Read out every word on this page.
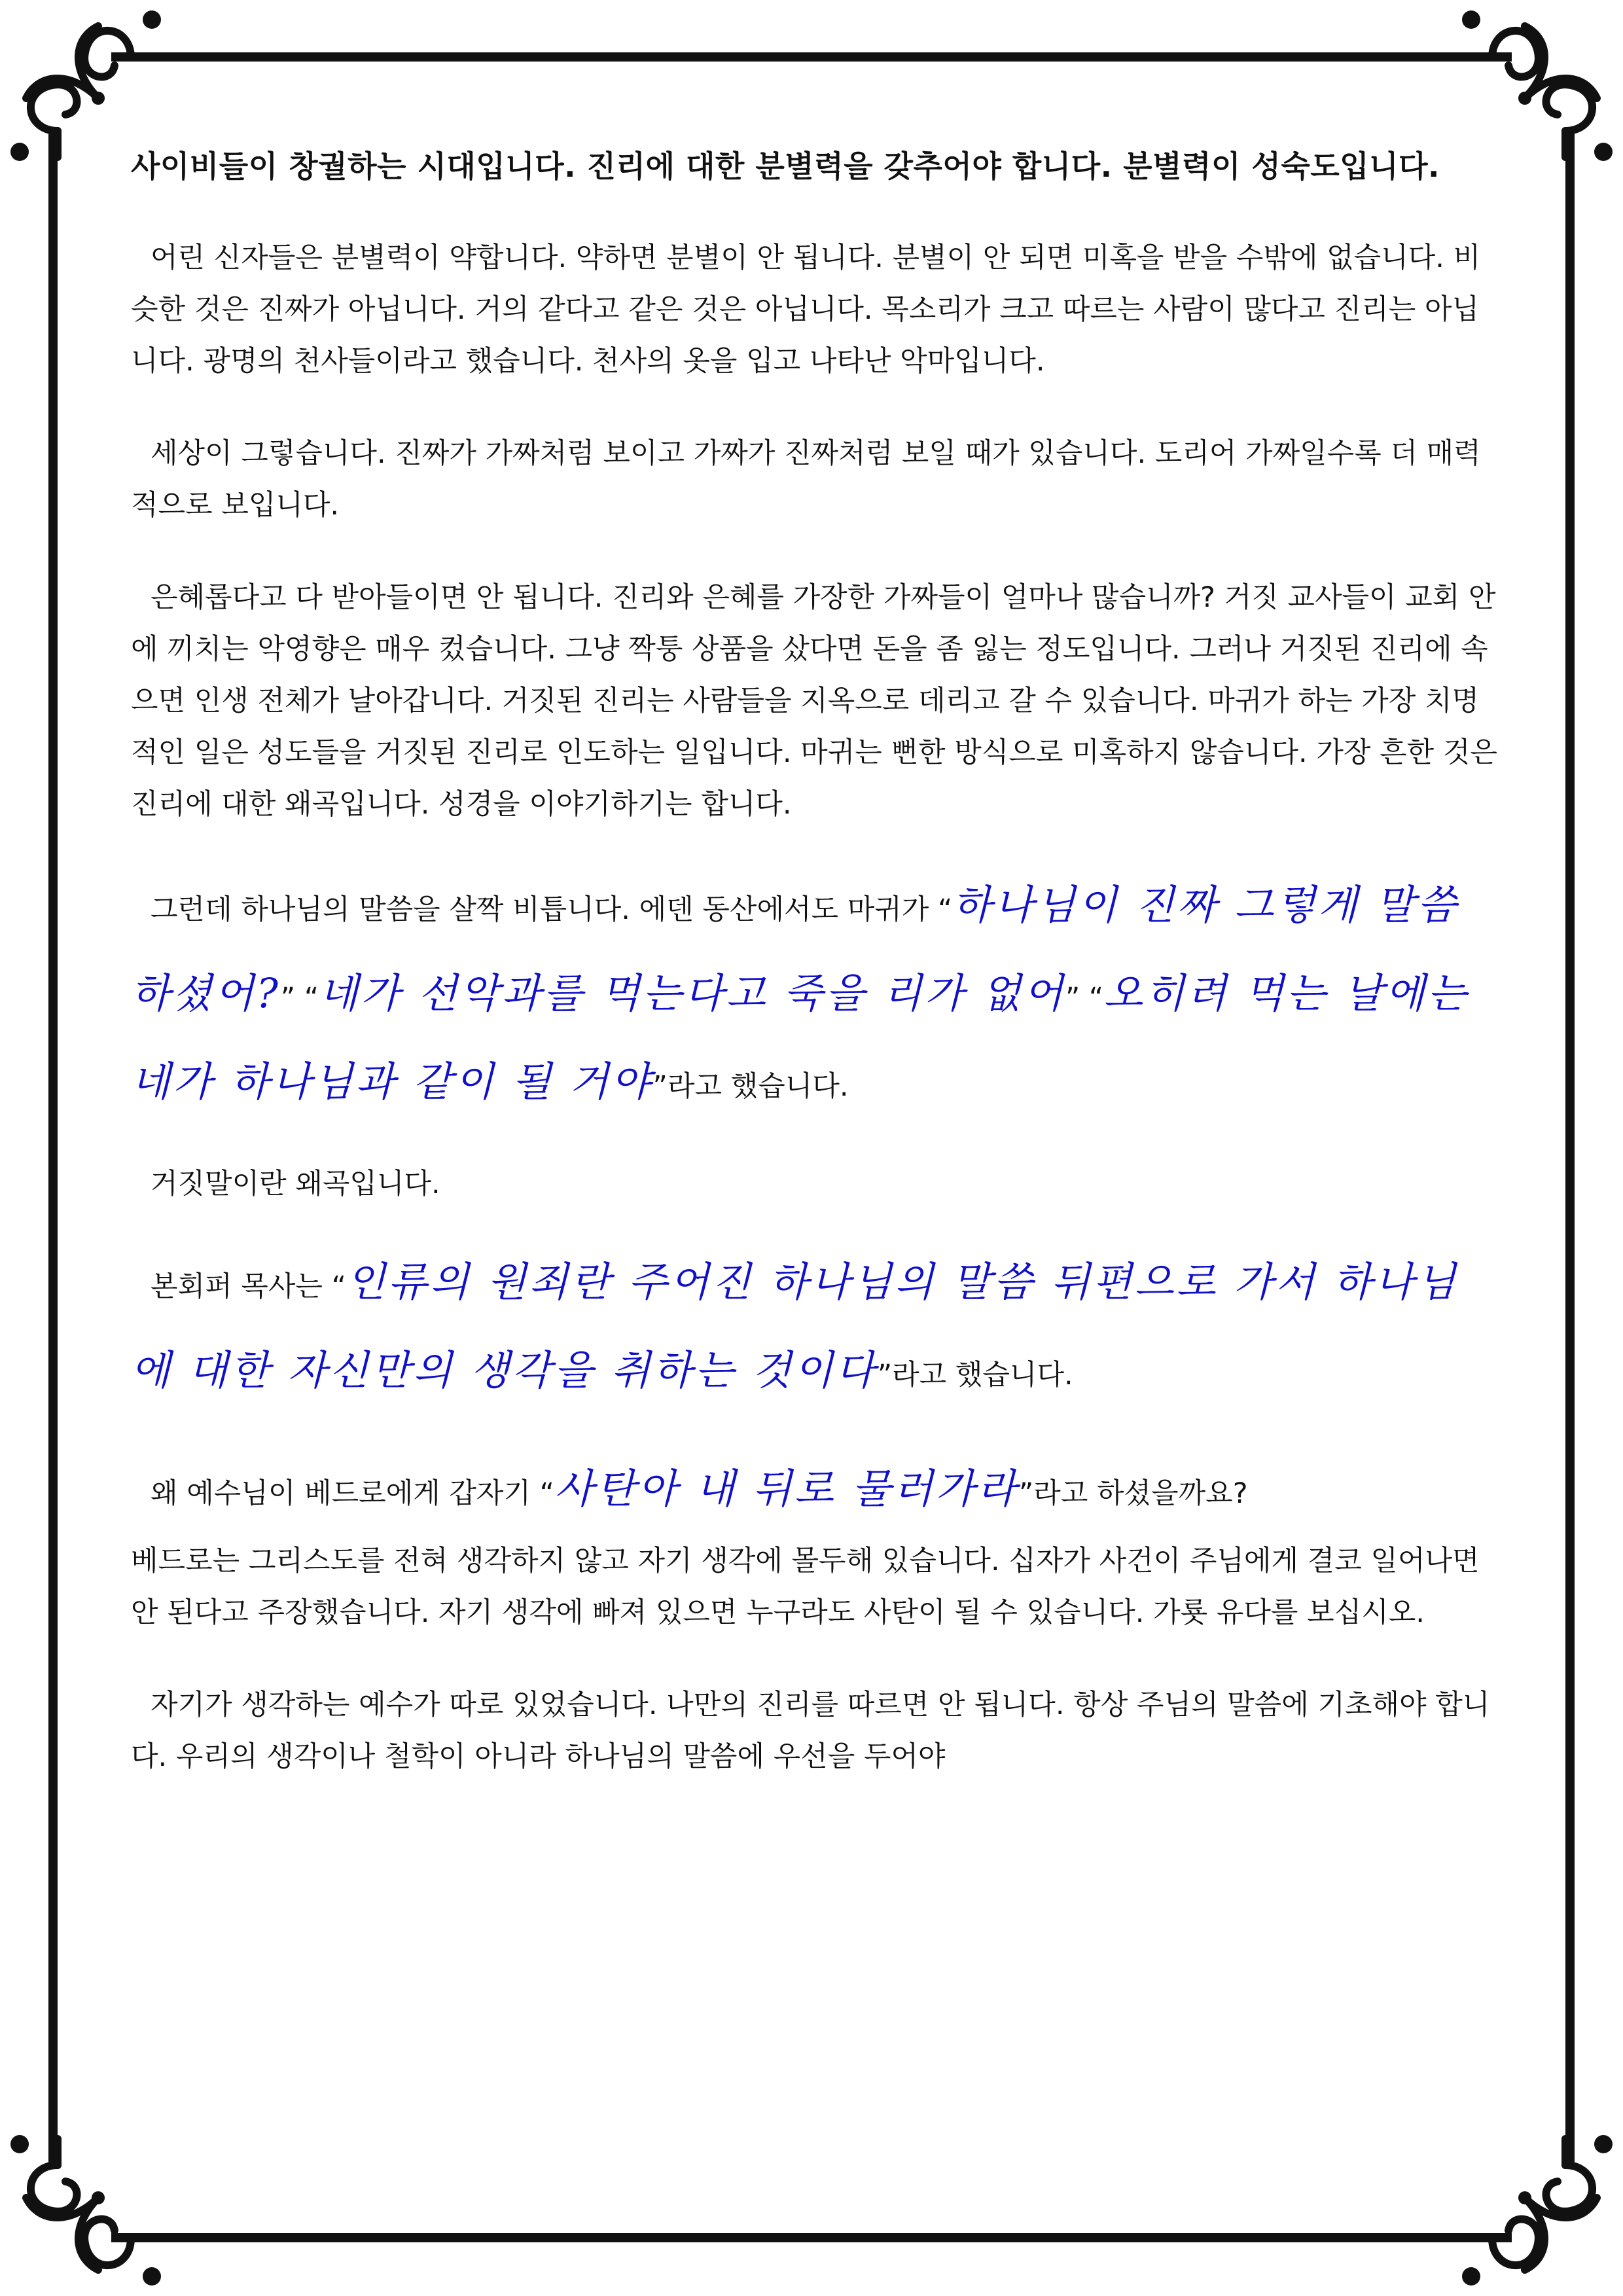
사이비들이 창궐하는 시대입니다. 진리에 대한 분별력을 갖추어야 합니다. 분별력이 성숙도입니다.

어린 신자들은 분별력이 약합니다. 약하면 분별이 안 됩니다. 분별이 안 되면 미혹을 받을 수밖에 없습니다. 비슷한 것은 진짜가 아닙니다. 거의 같다고 같은 것은 아닙니다. 목소리가 크고 따르는 사람이 많다고 진리는 아닙니다. 광명의 천사들이라고 했습니다. 천사의 옷을 입고 나타난 악마입니다.

세상이 그렇습니다. 진짜가 가짜처럼 보이고 가짜가 진짜처럼 보일 때가 있습니다. 도리어 가짜일수록 더 매력적으로 보입니다.

은혜롭다고 다 받아들이면 안 됩니다. 진리와 은혜를 가장한 가짜들이 얼마나 많습니까? 거짓 교사들이 교회 안에 끼치는 악영향은 매우 컸습니다. 그냥 짝퉁 상품을 샀다면 돈을 좀 잃는 정도입니다. 그러나 거짓된 진리에 속으면 인생 전체가 날아갑니다. 거짓된 진리는 사람들을 지옥으로 데리고 갈 수 있습니다. 마귀가 하는 가장 치명적인 일은 성도들을 거짓된 진리로 인도하는 일입니다. 마귀는 뻔한 방식으로 미혹하지 않습니다. 가장 흔한 것은 진리에 대한 왜곡입니다. 성경을 이야기하기는 합니다.

그런데 하나님의 말씀을 살짝 비틉니다. 에덴 동산에서도 마귀가 “하나님이 진짜 그렇게 말씀하셨어?” “네가 선악과를 먹는다고 죽을 리가 없어” “오히려 먹는 날에는 네가 하나님과 같이 될 거야”라고 했습니다.

거짓말이란 왜곡입니다.

본회퍼 목사는 “인류의 원죄란 주어진 하나님의 말씀 뒤편으로 가서 하나님에 대한 자신만의 생각을 취하는 것이다”라고 했습니다.

왜 예수님이 베드로에게 갑자기 “사탄아 내 뒤로 물러가라”라고 하셨을까요?

베드로는 그리스도를 전혀 생각하지 않고 자기 생각에 몰두해 있습니다. 십자가 사건이 주님에게 결코 일어나면 안 된다고 주장했습니다. 자기 생각에 빠져 있으면 누구라도 사탄이 될 수 있습니다. 가룟 유다를 보십시오.

자기가 생각하는 예수가 따로 있었습니다. 나만의 진리를 따르면 안 됩니다. 항상 주님의 말씀에 기초해야 합니다. 우리의 생각이나 철학이 아니라 하나님의 말씀에 우선을 두어야
